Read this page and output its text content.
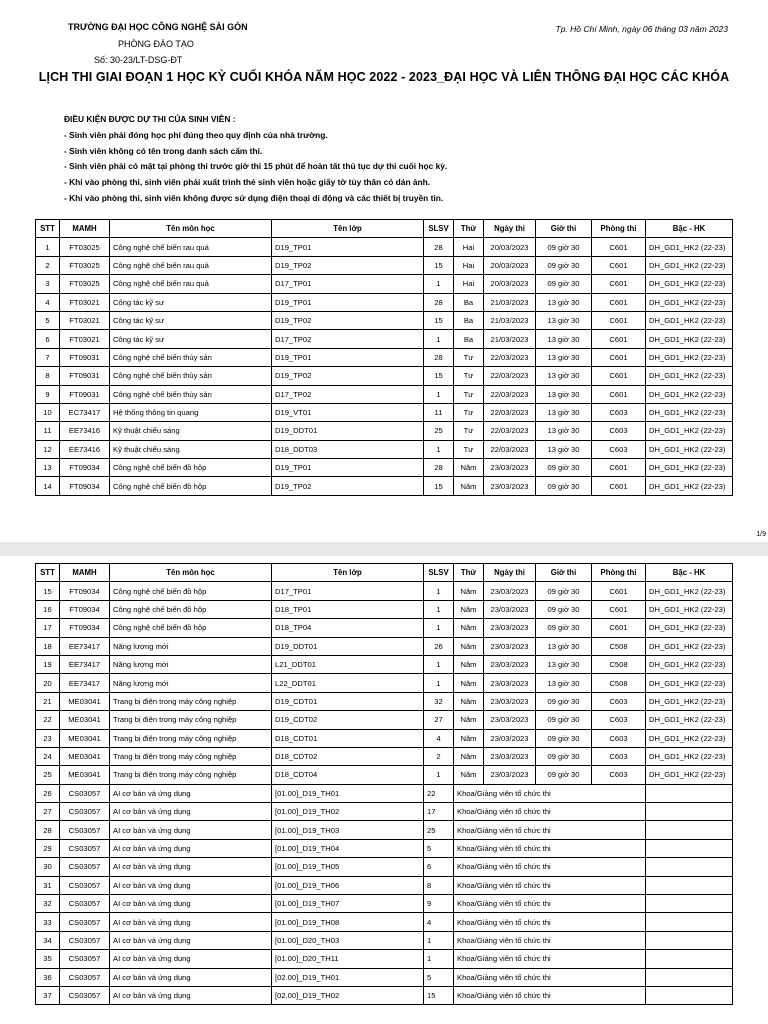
TRƯỜNG ĐẠI HỌC CÔNG NGHỆ SÀI GÒN
PHÒNG ĐÀO TẠO
Số: 30-23/LT-DSG-ĐT
Tp. Hồ Chí Minh, ngày 06 tháng 03 năm 2023
LỊCH THI GIAI ĐOẠN 1 HỌC KỲ CUỐI KHÓA NĂM HỌC 2022 - 2023_ĐẠI HỌC VÀ LIÊN THÔNG ĐẠI HỌC CÁC KHÓA
ĐIỀU KIỆN ĐƯỢC DỰ THI CỦA SINH VIÊN :
- Sinh viên phải đóng học phí đúng theo quy định của nhà trường.
- Sinh viên không có tên trong danh sách cấm thi.
- Sinh viên phải có mặt tại phòng thi trước giờ thi 15 phút để hoàn tất thủ tục dự thi cuối học kỳ.
- Khi vào phòng thi, sinh viên phải xuất trình thẻ sinh viên hoặc giấy tờ tùy thân có dán ảnh.
- Khi vào phòng thi, sinh viên không được sử dụng điện thoại di động và các thiết bị truyền tin.
STT	MAMH	Tên môn học	Tên lớp	SLSV	Thứ	Ngày thi	Giờ thi	Phòng thi	Bậc - HK
1	FT03025	Công nghệ chế biến rau quả	D19_TP01	28	Hai	20/03/2023	09 giờ 30	C601	DH_GD1_HK2 (22-23)
2	FT03025	Công nghệ chế biến rau quả	D19_TP02	15	Hai	20/03/2023	09 giờ 30	C601	DH_GD1_HK2 (22-23)
3	FT03025	Công nghệ chế biến rau quả	D17_TP01	1	Hai	20/03/2023	09 giờ 30	C601	DH_GD1_HK2 (22-23)
4	FT03021	Công tác kỹ sư	D19_TP01	28	Ba	21/03/2023	13 giờ 30	C601	DH_GD1_HK2 (22-23)
5	FT03021	Công tác kỹ sư	D19_TP02	15	Ba	21/03/2023	13 giờ 30	C601	DH_GD1_HK2 (22-23)
6	FT03021	Công tác kỹ sư	D17_TP02	1	Ba	21/03/2023	13 giờ 30	C601	DH_GD1_HK2 (22-23)
7	FT09031	Công nghệ chế biến thủy sản	D19_TP01	28	Tư	22/03/2023	13 giờ 30	C601	DH_GD1_HK2 (22-23)
8	FT09031	Công nghệ chế biến thủy sản	D19_TP02	15	Tư	22/03/2023	13 giờ 30	C601	DH_GD1_HK2 (22-23)
9	FT09031	Công nghệ chế biến thủy sản	D17_TP02	1	Tư	22/03/2023	13 giờ 30	C601	DH_GD1_HK2 (22-23)
10	EC73417	Hệ thống thông tin quang	D19_VT01	11	Tư	22/03/2023	13 giờ 30	C603	DH_GD1_HK2 (22-23)
11	EE73416	Kỹ thuật chiếu sáng	D19_DDT01	25	Tư	22/03/2023	13 giờ 30	C603	DH_GD1_HK2 (22-23)
12	EE73416	Kỹ thuật chiếu sáng	D18_DDT03	1	Tư	22/03/2023	13 giờ 30	C603	DH_GD1_HK2 (22-23)
13	FT09034	Công nghệ chế biến đồ hộp	D19_TP01	28	Năm	23/03/2023	09 giờ 30	C601	DH_GD1_HK2 (22-23)
14	FT09034	Công nghệ chế biến đồ hộp	D19_TP02	15	Năm	23/03/2023	09 giờ 30	C601	DH_GD1_HK2 (22-23)
1/9
STT	MAMH	Tên môn học	Tên lớp	SLSV	Thứ	Ngày thi	Giờ thi	Phòng thi	Bậc - HK	
15	FT09034	Công nghệ chế biến đồ hộp	D17_TP01	1	Năm	23/03/2023	09 giờ 30	C601	DH_GD1_HK2 (22-23)	
16	FT09034	Công nghệ chế biến đồ hộp	D18_TP01	1	Năm	23/03/2023	09 giờ 30	C601	DH_GD1_HK2 (22-23)	
17	FT09034	Công nghệ chế biến đồ hộp	D18_TP04	1	Năm	23/03/2023	09 giờ 30	C601	DH_GD1_HK2 (22-23)	
18	EE73417	Năng lượng mới	D19_DDT01	26	Năm	23/03/2023	13 giờ 30	C508	DH_GD1_HK2 (22-23)	
19	EE73417	Năng lượng mới	L21_DDT01	1	Năm	23/03/2023	13 giờ 30	C508	DH_GD1_HK2 (22-23)	
20	EE73417	Năng lượng mới	L22_DDT01	1	Năm	23/03/2023	13 giờ 30	C508	DH_GD1_HK2 (22-23)	
21	ME03041	Trang bị điện trong máy công nghiệp	D19_CDT01	32	Năm	23/03/2023	09 giờ 30	C603	DH_GD1_HK2 (22-23)	
22	ME03041	Trang bị điện trong máy công nghiệp	D19_CDT02	27	Năm	23/03/2023	09 giờ 30	C603	DH_GD1_HK2 (22-23)	
23	ME03041	Trang bị điện trong máy công nghiệp	D18_CDT01	4	Năm	23/03/2023	09 giờ 30	C603	DH_GD1_HK2 (22-23)	
24	ME03041	Trang bị điện trong máy công nghiệp	D18_CDT02	2	Năm	23/03/2023	09 giờ 30	C603	DH_GD1_HK2 (22-23)	
25	ME03041	Trang bị điện trong máy công nghiệp	D18_CDT04	1	Năm	23/03/2023	09 giờ 30	C603	DH_GD1_HK2 (22-23)	
26	CS03057	AI cơ bản và ứng dụng	[01.00]_D19_TH01	22	Khoa/Giảng viên tổ chức thi		
27	CS03057	AI cơ bản và ứng dụng	[01.00]_D19_TH02	17	Khoa/Giảng viên tổ chức thi		
28	CS03057	AI cơ bản và ứng dụng	[01.00]_D19_TH03	25	Khoa/Giảng viên tổ chức thi		
29	CS03057	AI cơ bản và ứng dụng	[01.00]_D19_TH04	5	Khoa/Giảng viên tổ chức thi		
30	CS03057	AI cơ bản và ứng dụng	[01.00]_D19_TH05	6	Khoa/Giảng viên tổ chức thi		
31	CS03057	AI cơ bản và ứng dụng	[01.00]_D19_TH06	8	Khoa/Giảng viên tổ chức thi		
32	CS03057	AI cơ bản và ứng dụng	[01.00]_D19_TH07	9	Khoa/Giảng viên tổ chức thi		
33	CS03057	AI cơ bản và ứng dụng	[01.00]_D19_TH08	4	Khoa/Giảng viên tổ chức thi		
34	CS03057	AI cơ bản và ứng dụng	[01.00]_D20_TH03	1	Khoa/Giảng viên tổ chức thi		
35	CS03057	AI cơ bản và ứng dụng	[01.00]_D20_TH11	1	Khoa/Giảng viên tổ chức thi		
36	CS03057	AI cơ bản và ứng dụng	[02.00]_D19_TH01	5	Khoa/Giảng viên tổ chức thi		
37	CS03057	AI cơ bản và ứng dụng	[02.00]_D19_TH02	15	Khoa/Giảng viên tổ chức thi		
